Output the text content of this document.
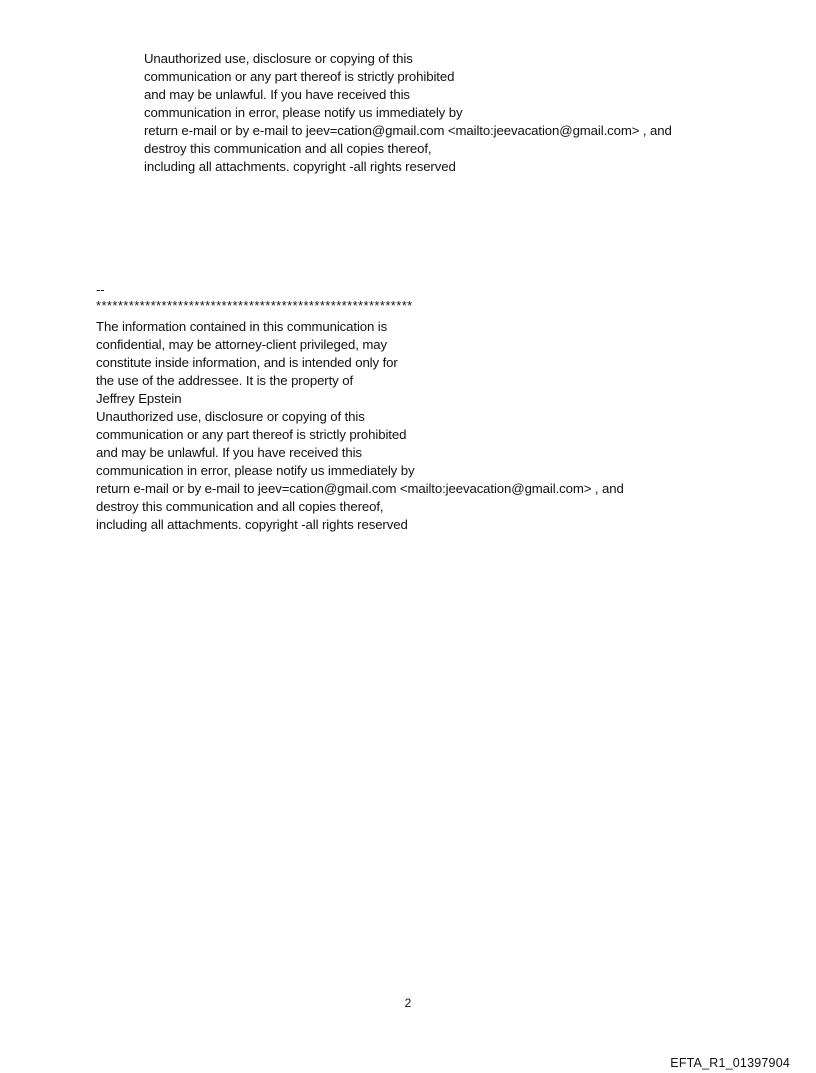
Unauthorized use, disclosure or copying of this
communication or any part thereof is strictly prohibited
and may be unlawful. If you have received this
communication in error, please notify us immediately by
return e-mail or by e-mail to jeev=cation@gmail.com <mailto:jeevacation@gmail.com> , and
destroy this communication and all copies thereof,
including all attachments. copyright -all rights reserved
--
**********************************************************
The information contained in this communication is
confidential, may be attorney-client privileged, may
constitute inside information, and is intended only for
the use of the addressee. It is the property of
Jeffrey Epstein
Unauthorized use, disclosure or copying of this
communication or any part thereof is strictly prohibited
and may be unlawful. If you have received this
communication in error, please notify us immediately by
return e-mail or by e-mail to jeev=cation@gmail.com <mailto:jeevacation@gmail.com> , and
destroy this communication and all copies thereof,
including all attachments. copyright -all rights reserved
2
EFTA_R1_01397904
